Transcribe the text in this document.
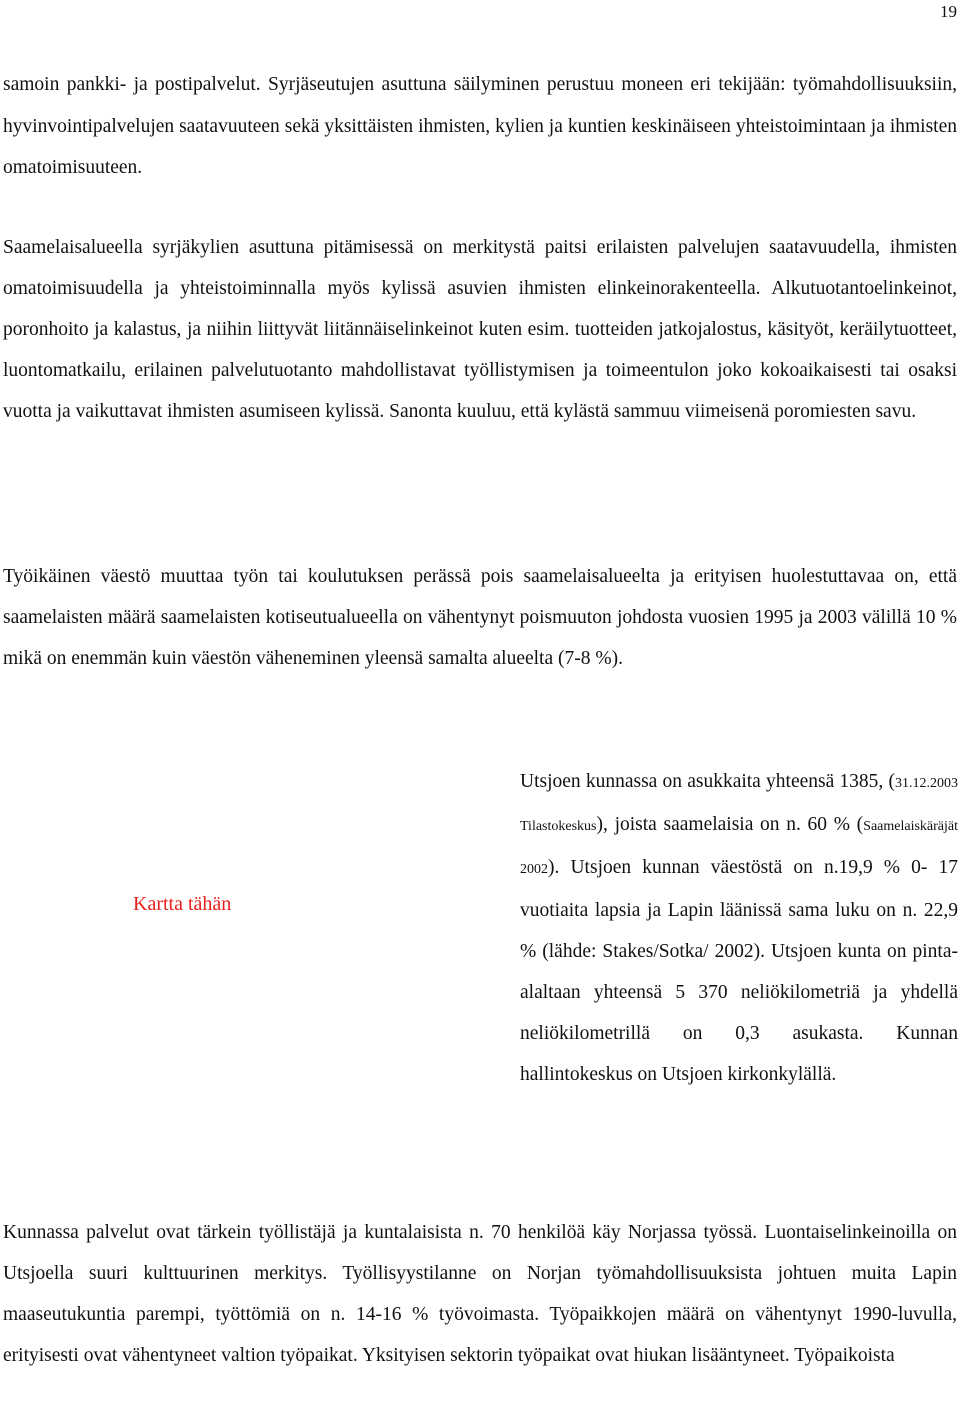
19

samoin pankki- ja postipalvelut. Syrjäseutujen asuttuna säilyminen perustuu moneen eri tekijään: työmahdollisuuksiin, hyvinvointipalvelujen saatavuuteen sekä yksittäisten ihmisten, kylien ja kuntien keskinäiseen yhteistoimintaan ja ihmisten omatoimisuuteen.

Saamelaisalueella syrjäkylien asuttuna pitämisessä on merkitystä paitsi erilaisten palvelujen saatavuudella, ihmisten omatoimisuudella ja yhteistoiminnalla myös kylissä asuvien ihmisten elinkeinorakenteella. Alkutuotantoelinkeinot, poronhoito ja kalastus, ja niihin liittyvät liitännäiselinkeinot kuten esim. tuotteiden jatkojalostus, käsityöt, keräilytuotteet, luontomatkailu, erilainen palvelutuotanto mahdollistavat työllistymisen ja toimeentulon joko kokoaikaisesti tai osaksi vuotta ja vaikuttavat ihmisten asumiseen kylissä. Sanonta kuuluu, että kylästä sammuu viimeisenä poromiesten savu.

Työikäinen väestö muuttaa työn tai koulutuksen perässä pois saamelaisalueelta ja erityisen huolestuttavaa on, että saamelaisten määrä saamelaisten kotiseutualueella on vähentynyt poismuuton johdosta vuosien 1995 ja 2003 välillä 10 % mikä on enemmän kuin väestön väheneminen yleensä samalta alueelta (7-8 %).

Kartta tähän

Utsjoen kunnassa on asukkaita yhteensä 1385, (31.12.2003 Tilastokeskus), joista saamelaisia on n. 60 % (Saamelaiskäräjät 2002). Utsjoen kunnan väestöstä on n.19,9 % 0- 17 vuotiaita lapsia ja Lapin läänissä sama luku on n. 22,9 % (lähde: Stakes/Sotka/ 2002). Utsjoen kunta on pinta-alaltaan yhteensä 5 370 neliökilometriä ja yhdellä neliökilometrillä on 0,3 asukasta. Kunnan hallintokeskus on Utsjoen kirkonkylällä.

Kunnassa palvelut ovat tärkein työllistäjä ja kuntalaisista n. 70 henkilöä käy Norjassa työssä. Luontaiselinkeinoilla on Utsjoella suuri kulttuurinen merkitys. Työllisyystilanne on Norjan työmahdollisuuksista johtuen muita Lapin maaseutukuntia parempi, työttömiä on n. 14-16 % työvoimasta. Työpaikkojen määrä on vähentynyt 1990-luvulla, erityisesti ovat vähentyneet valtion työpaikat. Yksityisen sektorin työpaikat ovat hiukan lisääntyneet. Työpaikoista
